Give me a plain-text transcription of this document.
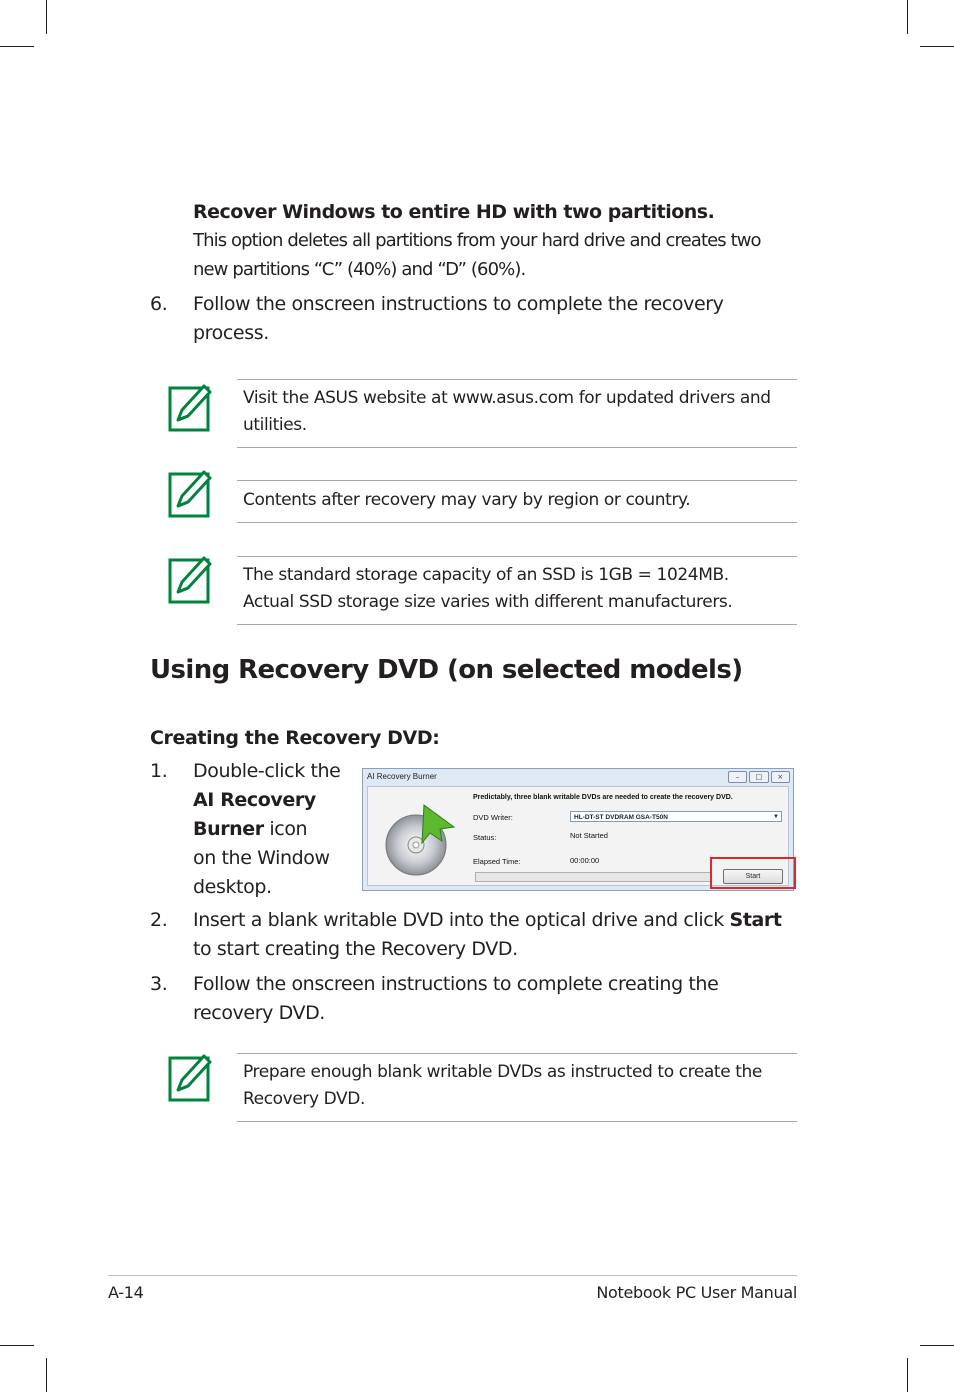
Recover Windows to entire HD with two partitions.
This option deletes all partitions from your hard drive and creates two
new partitions “C” (40%) and “D” (60%).
6. Follow the onscreen instructions to complete the recovery
process.
Visit the ASUS website at www.asus.com for updated drivers and
utilities.
Contents after recovery may vary by region or country.
The standard storage capacity of an SSD is 1GB = 1024MB.
Actual SSD storage size varies with different manufacturers.
Using Recovery DVD (on selected models)
Creating the Recovery DVD:
1. Double-click the
AI Recovery
Burner icon
on the Window
desktop.
AI Recovery Burner	–	□	×
Predictably, three blank writable DVDs are needed to create the recovery DVD.
DVD Writer:	HL-DT-ST DVDRAM GSA-T50N	▼
Status:	Not Started
Elapsed Time:	00:00:00
Start
2. Insert a blank writable DVD into the optical drive and click Start
to start creating the Recovery DVD.
3. Follow the onscreen instructions to complete creating the
recovery DVD.
Prepare enough blank writable DVDs as instructed to create the
Recovery DVD.
A-14	Notebook PC User Manual
